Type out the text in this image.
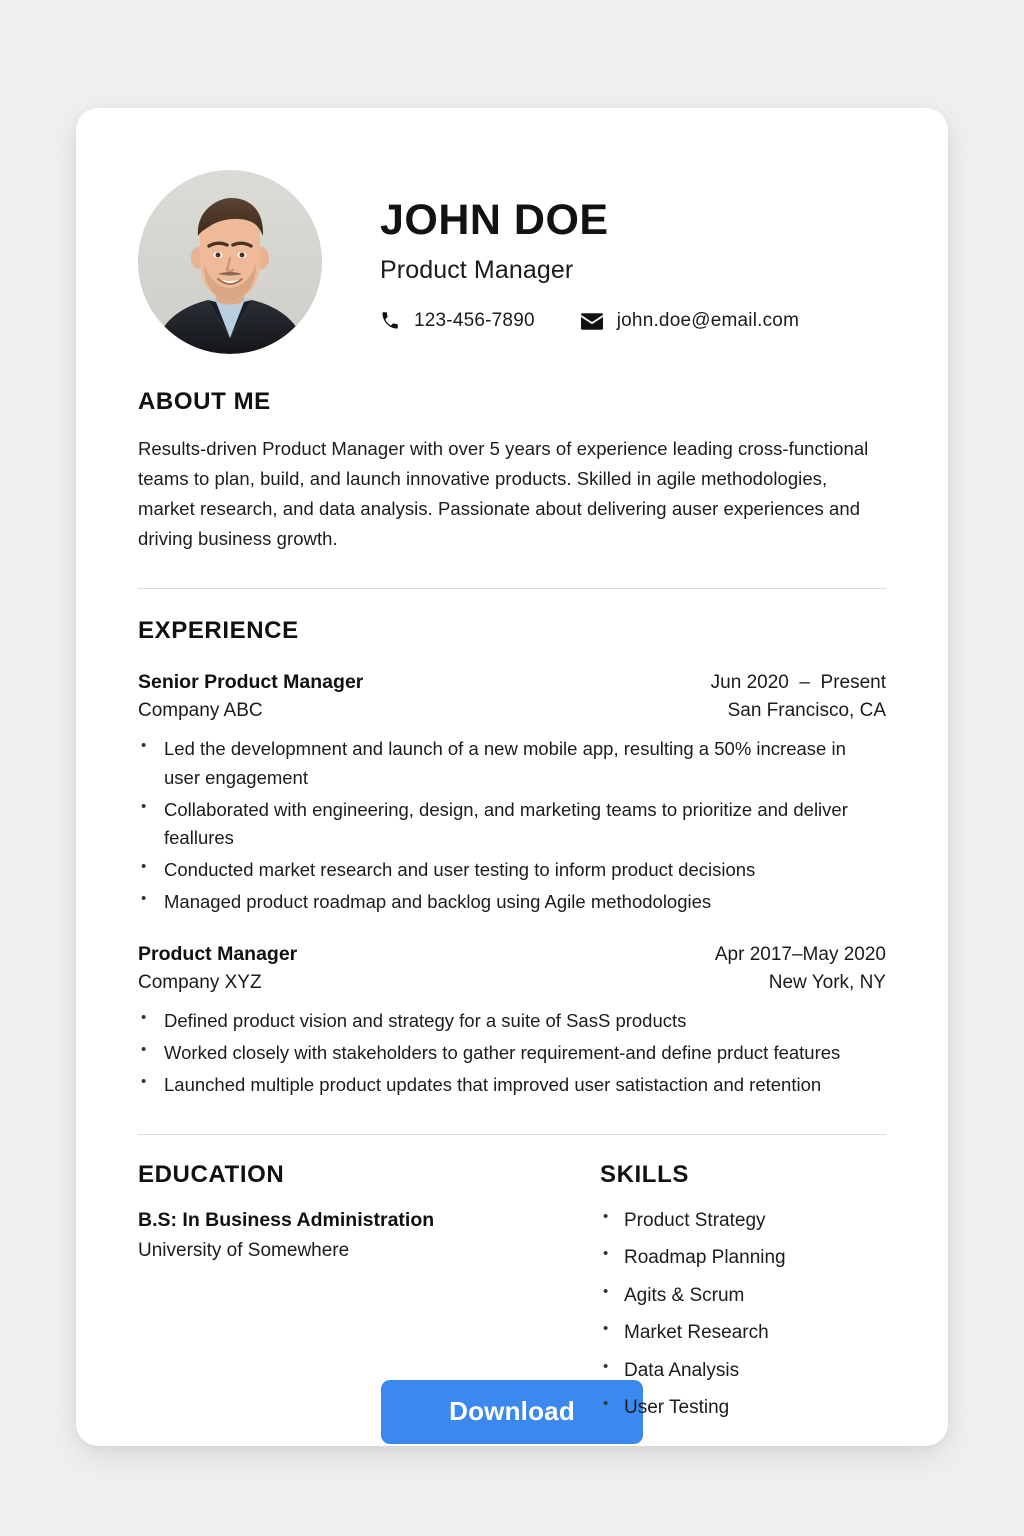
JOHN DOE
Product Manager
123-456-7890	john.doe@email.com
ABOUT ME

Results-driven Product Manager with over 5 years of experience leading cross-functional teams to plan, build, and launch innovative products. Skilled in agile methodologies, market research, and data analysis. Passionate about delivering auser experiences and driving business growth.

EXPERIENCE
Senior Product Manager	Jun 2020  –  Present
Company ABC	San Francisco, CA
• Led the developmnent and launch of a new mobile app, resulting a 50% increase in user engagement
• Collaborated with engineering, design, and marketing teams to prioritize and deliver feallures
• Conducted market research and user testing to inform product decisions
• Managed product roadmap and backlog using Agile methodologies
Product Manager	Apr 2017–May 2020
Company XYZ	New York, NY
• Defined product vision and strategy for a suite of SasS products
• Worked closely with stakeholders to gather requirement-and define prduct features
• Launched multiple product updates that improved user satistaction and retention
EDUCATION
B.S: In Business Administration
University of Somewhere
SKILLS
• Product Strategy
• Roadmap Planning
• Agits & Scrum
• Market Research
• Data Analysis
• User Testing
Download
